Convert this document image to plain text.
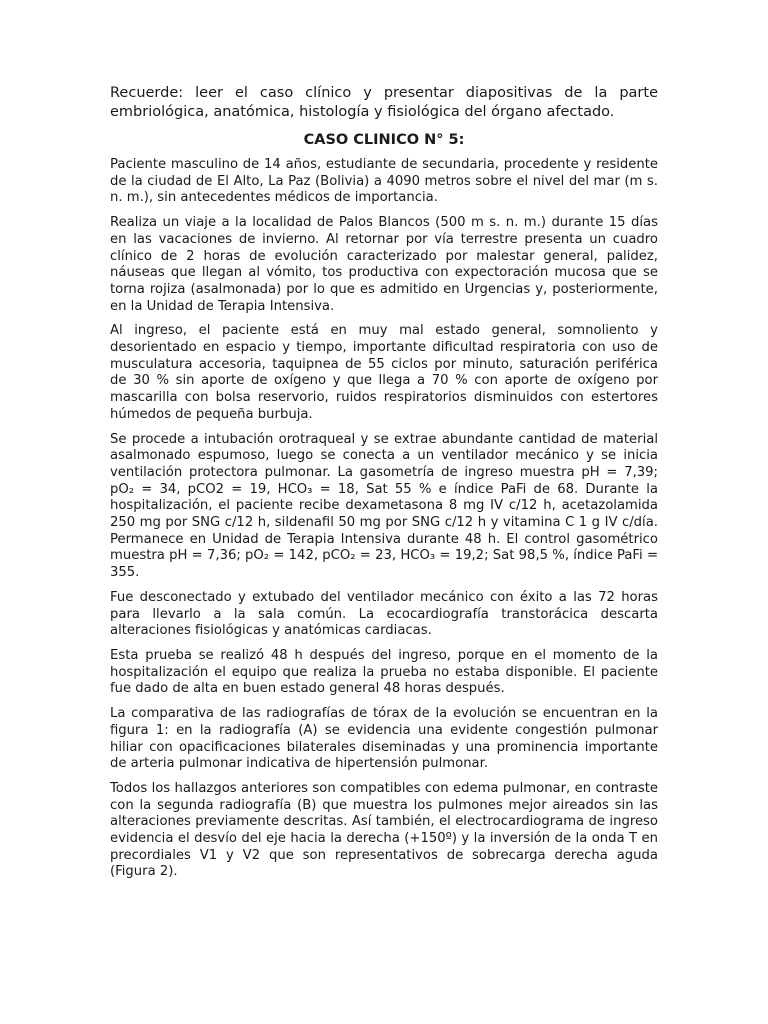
Recuerde: leer el caso clínico y presentar diapositivas de la parte embriológica, anatómica, histología y fisiológica del órgano afectado.

CASO CLINICO N° 5:

Paciente masculino de 14 años, estudiante de secundaria, procedente y residente de la ciudad de El Alto, La Paz (Bolivia) a 4090 metros sobre el nivel del mar (m s. n. m.), sin antecedentes médicos de importancia.

Realiza un viaje a la localidad de Palos Blancos (500 m s. n. m.) durante 15 días en las vacaciones de invierno. Al retornar por vía terrestre presenta un cuadro clínico de 2 horas de evolución caracterizado por malestar general, palidez, náuseas que llegan al vómito, tos productiva con expectoración mucosa que se torna rojiza (asalmonada) por lo que es admitido en Urgencias y, posteriormente, en la Unidad de Terapia Intensiva.

Al ingreso, el paciente está en muy mal estado general, somnoliento y desorientado en espacio y tiempo, importante dificultad respiratoria con uso de musculatura accesoria, taquipnea de 55 ciclos por minuto, saturación periférica de 30 % sin aporte de oxígeno y que llega a 70 % con aporte de oxígeno por mascarilla con bolsa reservorio, ruidos respiratorios disminuidos con estertores húmedos de pequeña burbuja.

Se procede a intubación orotraqueal y se extrae abundante cantidad de material asalmonado espumoso, luego se conecta a un ventilador mecánico y se inicia ventilación protectora pulmonar. La gasometría de ingreso muestra pH = 7,39; pO₂ = 34, pCO2 = 19, HCO₃ = 18, Sat 55 % e índice PaFi de 68. Durante la hospitalización, el paciente recibe dexametasona 8 mg IV c/12 h, acetazolamida 250 mg por SNG c/12 h, sildenafil 50 mg por SNG c/12 h y vitamina C 1 g IV c/día. Permanece en Unidad de Terapia Intensiva durante 48 h. El control gasométrico muestra pH = 7,36; pO₂ = 142, pCO₂ = 23, HCO₃ = 19,2; Sat 98,5 %, índice PaFi = 355.

Fue desconectado y extubado del ventilador mecánico con éxito a las 72 horas para llevarlo a la sala común. La ecocardiografía transtorácica descarta alteraciones fisiológicas y anatómicas cardiacas.

Esta prueba se realizó 48 h después del ingreso, porque en el momento de la hospitalización el equipo que realiza la prueba no estaba disponible. El paciente fue dado de alta en buen estado general 48 horas después.

La comparativa de las radiografías de tórax de la evolución se encuentran en la figura 1: en la radiografía (A) se evidencia una evidente congestión pulmonar hiliar con opacificaciones bilaterales diseminadas y una prominencia importante de arteria pulmonar indicativa de hipertensión pulmonar.

Todos los hallazgos anteriores son compatibles con edema pulmonar, en contraste con la segunda radiografía (B) que muestra los pulmones mejor aireados sin las alteraciones previamente descritas. Así también, el electrocardiograma de ingreso evidencia el desvío del eje hacia la derecha (+150º) y la inversión de la onda T en precordiales V1 y V2 que son representativos de sobrecarga derecha aguda (Figura 2).
